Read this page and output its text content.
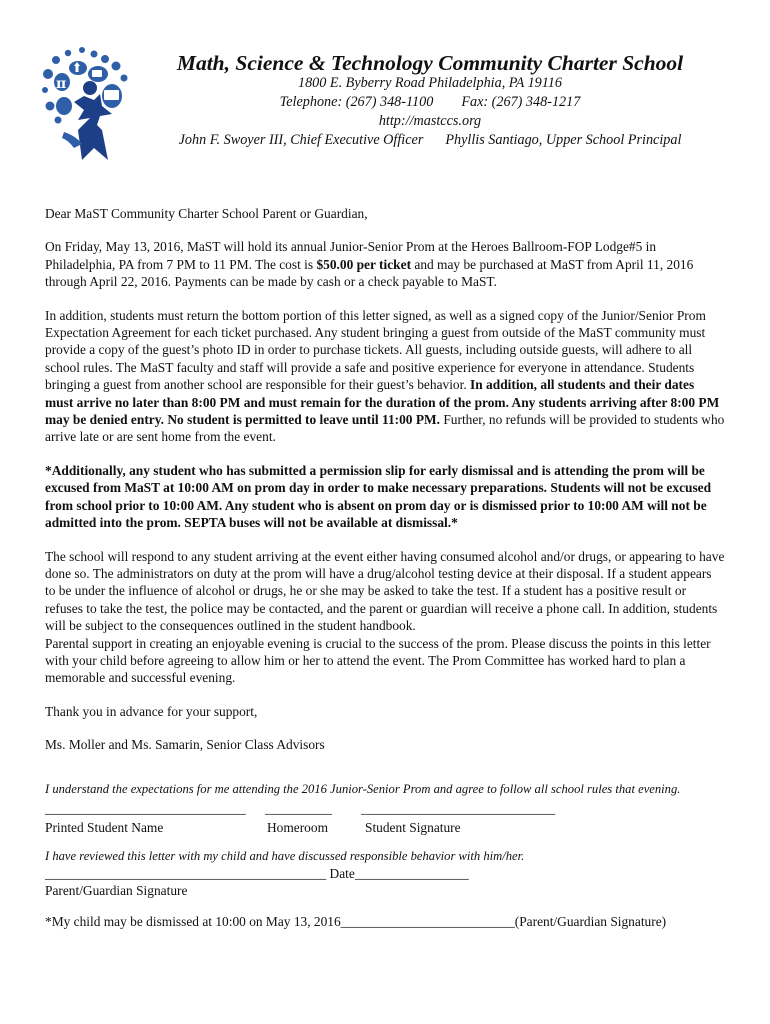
π
Math, Science & Technology Community Charter School
1800 E. Byberry Road Philadelphia, PA 19116
Telephone: (267) 348-1100 Fax: (267) 348-1217
http://mastccs.org
John F. Swoyer III, Chief Executive Officer Phyllis Santiago, Upper School Principal

Dear MaST Community Charter School Parent or Guardian,

On Friday, May 13, 2016, MaST will hold its annual Junior-Senior Prom at the Heroes Ballroom-FOP Lodge#5 in Philadelphia, PA from 7 PM to 11 PM. The cost is $50.00 per ticket and may be purchased at MaST from April 11, 2016 through April 22, 2016. Payments can be made by cash or a check payable to MaST.

In addition, students must return the bottom portion of this letter signed, as well as a signed copy of the Junior/Senior Prom Expectation Agreement for each ticket purchased. Any student bringing a guest from outside of the MaST community must provide a copy of the guest’s photo ID in order to purchase tickets. All guests, including outside guests, will adhere to all school rules. The MaST faculty and staff will provide a safe and positive experience for everyone in attendance. Students bringing a guest from another school are responsible for their guest’s behavior. In addition, all students and their dates must arrive no later than 8:00 PM and must remain for the duration of the prom. Any students arriving after 8:00 PM may be denied entry. No student is permitted to leave until 11:00 PM. Further, no refunds will be provided to students who arrive late or are sent home from the event.

*Additionally, any student who has submitted a permission slip for early dismissal and is attending the prom will be excused from MaST at 10:00 AM on prom day in order to make necessary preparations. Students will not be excused from school prior to 10:00 AM. Any student who is absent on prom day or is dismissed prior to 10:00 AM will not be admitted into the prom. SEPTA buses will not be available at dismissal.*

The school will respond to any student arriving at the event either having consumed alcohol and/or drugs, or appearing to have done so. The administrators on duty at the prom will have a drug/alcohol testing device at their disposal. If a student appears to be under the influence of alcohol or drugs, he or she may be asked to take the test. If a student has a positive result or refuses to take the test, the police may be contacted, and the parent or guardian will receive a phone call. In addition, students will be subject to the consequences outlined in the student handbook.

Parental support in creating an enjoyable evening is crucial to the success of the prom. Please discuss the points in this letter with your child before agreeing to allow him or her to attend the event. The Prom Committee has worked hard to plan a memorable and successful evening.

Thank you in advance for your support,

Ms. Moller and Ms. Samarin, Senior Class Advisors

I understand the expectations for me attending the 2016 Junior-Senior Prom and agree to follow all school rules that evening.
______________________________ __________ _____________________________
Printed Student Name	Homeroom	Student Signature
I have reviewed this letter with my child and have discussed responsible behavior with him/her.
__________________________________________ Date_________________
Parent/Guardian Signature
*My child may be dismissed at 10:00 on May 13, 2016__________________________(Parent/Guardian Signature)
